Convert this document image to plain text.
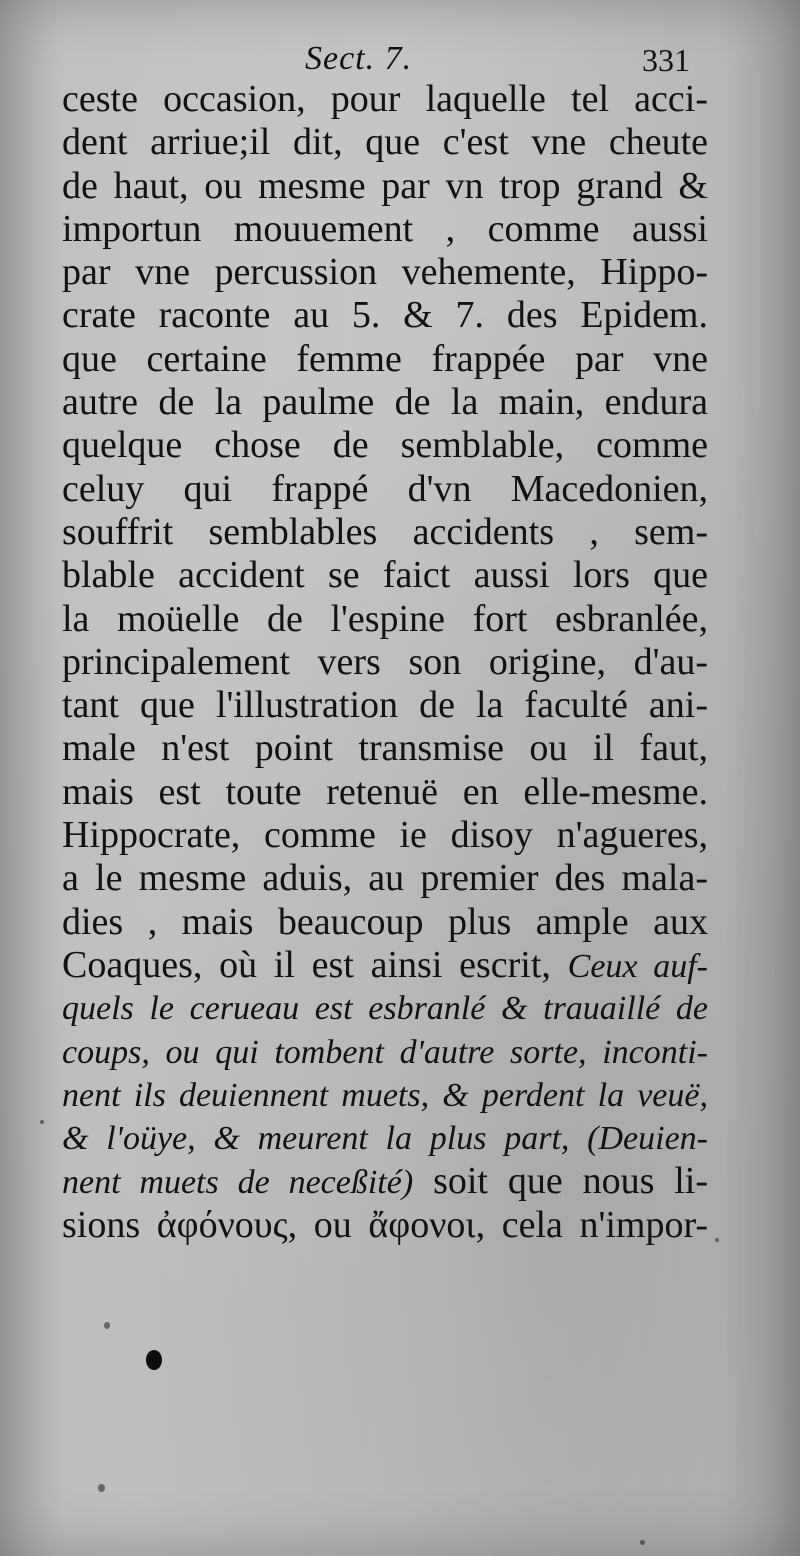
Sect. 7.	331
ceste occasion, pour laquelle tel acci-
dent arriue;il dit, que c'est vne cheute
de haut, ou mesme par vn trop grand &
importun mouuement , comme aussi
par vne percussion vehemente, Hippo-
crate raconte au 5. & 7. des Epidem.
que certaine femme frappée par vne
autre de la paulme de la main, endura
quelque chose de semblable, comme
celuy qui frappé d'vn Macedonien,
souffrit semblables accidents , sem-
blable accident se faict aussi lors que
la moüelle de l'espine fort esbranlée,
principalement vers son origine, d'au-
tant que l'illustration de la faculté ani-
male n'est point transmise ou il faut,
mais est toute retenuë en elle-mesme.
Hippocrate, comme ie disoy n'agueres,
a le mesme aduis, au premier des mala-
dies , mais beaucoup plus ample aux
Coaques, où il est ainsi escrit, Ceux auf-
quels le cerueau est esbranlé & trauaillé de
coups, ou qui tombent d'autre sorte, inconti-
nent ils deuiennent muets, & perdent la veuë,
& l'oüye, & meurent la plus part, (Deuien-
nent muets de neceßité) soit que nous li-
sions ἀφόνους, ou ἄφονοι, cela n'impor-
